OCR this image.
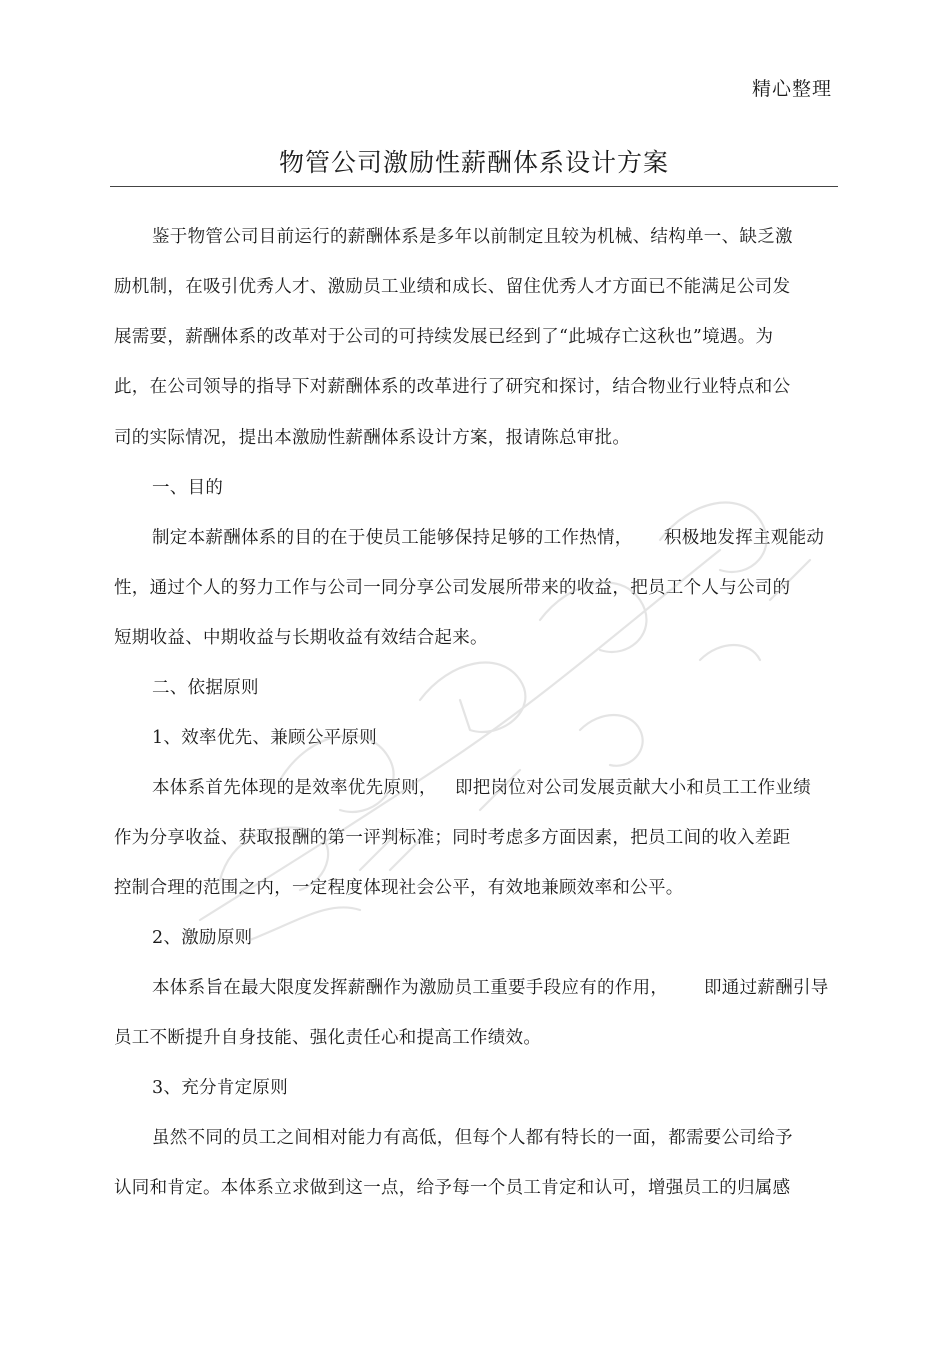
精心整理
物管公司激励性薪酬体系设计方案
鉴于物管公司目前运行的薪酬体系是多年以前制定且较为机械、结构单一、缺乏激
励机制，在吸引优秀人才、激励员工业绩和成长、留住优秀人才方面已不能满足公司发
展需要，薪酬体系的改革对于公司的可持续发展已经到了“此城存亡这秋也”境遇。为
此，在公司领导的指导下对薪酬体系的改革进行了研究和探讨，结合物业行业特点和公
司的实际情况，提出本激励性薪酬体系设计方案，报请陈总审批。
一、目的
制定本薪酬体系的目的在于使员工能够保持足够的工作热情， 积极地发挥主观能动
性，通过个人的努力工作与公司一同分享公司发展所带来的收益，把员工个人与公司的
短期收益、中期收益与长期收益有效结合起来。
二、依据原则
1、效率优先、兼顾公平原则
本体系首先体现的是效率优先原则， 即把岗位对公司发展贡献大小和员工工作业绩
作为分享收益、获取报酬的第一评判标准；同时考虑多方面因素，把员工间的收入差距
控制合理的范围之内，一定程度体现社会公平，有效地兼顾效率和公平。
2、激励原则
本体系旨在最大限度发挥薪酬作为激励员工重要手段应有的作用， 即通过薪酬引导
员工不断提升自身技能、强化责任心和提高工作绩效。
3、充分肯定原则
虽然不同的员工之间相对能力有高低，但每个人都有特长的一面，都需要公司给予
认同和肯定。本体系立求做到这一点，给予每一个员工肯定和认可，增强员工的归属感
